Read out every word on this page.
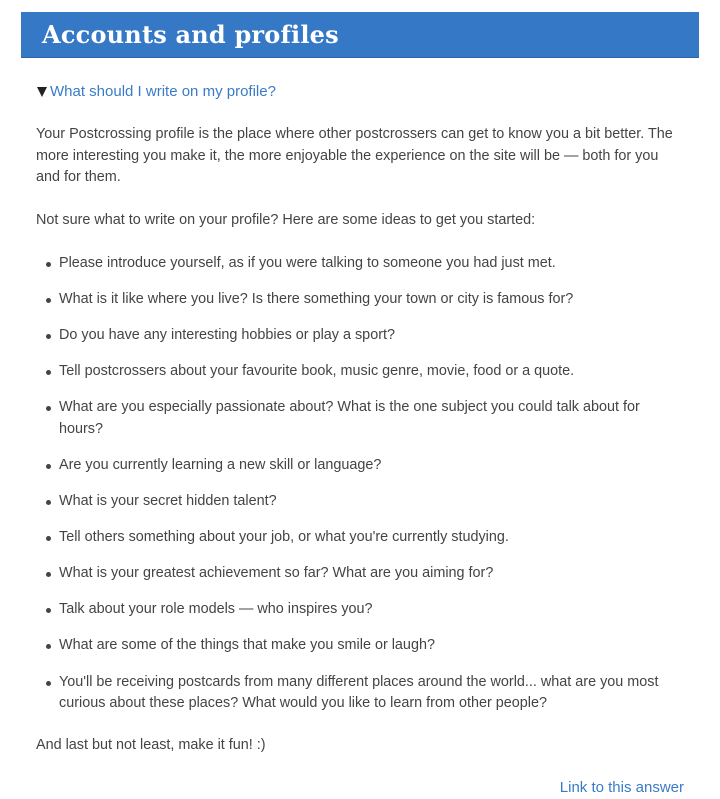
Accounts and profiles
What should I write on my profile?

Your Postcrossing profile is the place where other postcrossers can get to know you a bit better. The more interesting you make it, the more enjoyable the experience on the site will be — both for you and for them.

Not sure what to write on your profile? Here are some ideas to get you started:

Please introduce yourself, as if you were talking to someone you had just met.
What is it like where you live? Is there something your town or city is famous for?
Do you have any interesting hobbies or play a sport?
Tell postcrossers about your favourite book, music genre, movie, food or a quote.
What are you especially passionate about? What is the one subject you could talk about for hours?
Are you currently learning a new skill or language?
What is your secret hidden talent?
Tell others something about your job, or what you're currently studying.
What is your greatest achievement so far? What are you aiming for?
Talk about your role models — who inspires you?
What are some of the things that make you smile or laugh?
You'll be receiving postcards from many different places around the world... what are you most curious about these places? What would you like to learn from other people?

And last but not least, make it fun! :)

Link to this answer
